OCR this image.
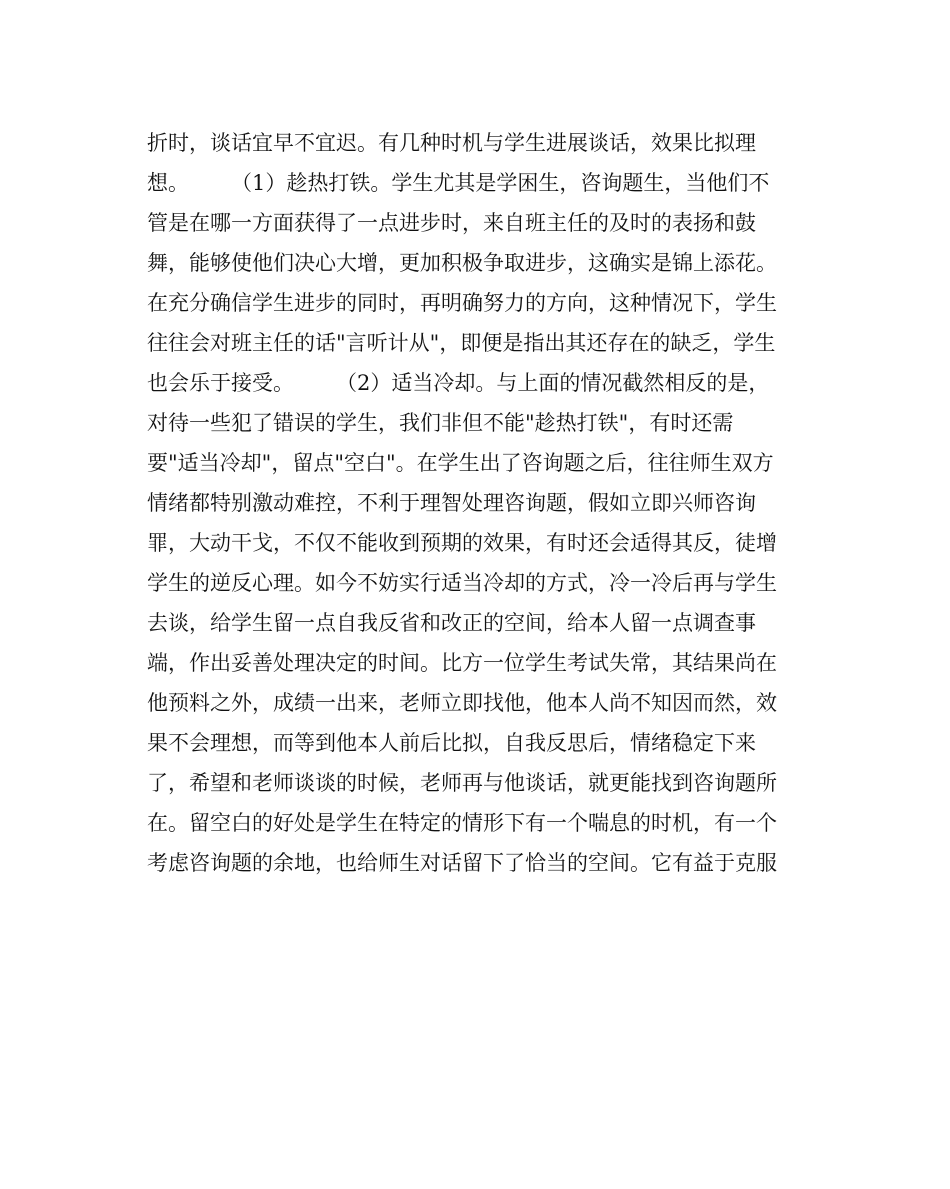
折时，谈话宜早不宜迟。有几种时机与学生进展谈话，效果比拟理
想。　　　（1）趁热打铁。学生尤其是学困生，咨询题生，当他们不
管是在哪一方面获得了一点进步时，来自班主任的及时的表扬和鼓
舞，能够使他们决心大增，更加积极争取进步，这确实是锦上添花。
在充分确信学生进步的同时，再明确努力的方向，这种情况下，学生
往往会对班主任的话"言听计从"，即便是指出其还存在的缺乏，学生
也会乐于接受。　　　（2）适当冷却。与上面的情况截然相反的是，
对待一些犯了错误的学生，我们非但不能"趁热打铁"，有时还需
要"适当冷却"，留点"空白"。在学生出了咨询题之后，往往师生双方
情绪都特别激动难控，不利于理智处理咨询题，假如立即兴师咨询
罪，大动干戈，不仅不能收到预期的效果，有时还会适得其反，徒增
学生的逆反心理。如今不妨实行适当冷却的方式，冷一冷后再与学生
去谈，给学生留一点自我反省和改正的空间，给本人留一点调查事
端，作出妥善处理决定的时间。比方一位学生考试失常，其结果尚在
他预料之外，成绩一出来，老师立即找他，他本人尚不知因而然，效
果不会理想，而等到他本人前后比拟，自我反思后，情绪稳定下来
了，希望和老师谈谈的时候，老师再与他谈话，就更能找到咨询题所
在。留空白的好处是学生在特定的情形下有一个喘息的时机，有一个
考虑咨询题的余地，也给师生对话留下了恰当的空间。它有益于克服
